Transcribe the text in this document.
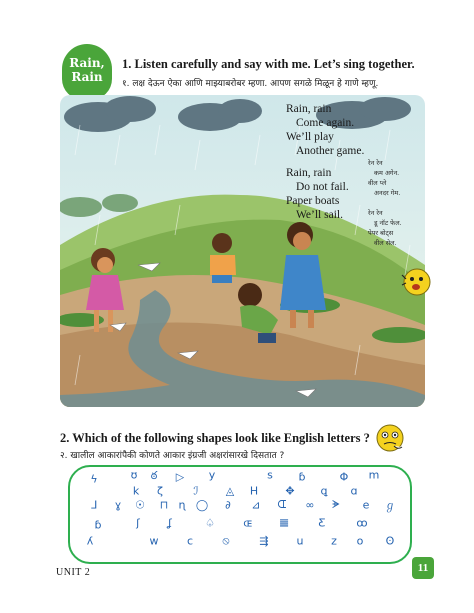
Rain,
Rain
1. Listen carefully and say with me. Let’s sing together.
१. लक्ष देऊन ऐका आणि माझ्याबरोबर म्हणा. आपण सगळे मिळून हे गाणे म्हणू.
Rain, rain
Come again.
We’ll play
Another game.
Rain, rain
Do not fail.
Paper boats
We’ll sail.
रेन रेन
कम अगेन.
वील प्ले
अनदर गेम.
रेन रेन
डू नॉट फेल.
पेपर बोट्स
वील सेल.
2. Which of the following shapes look like English letters ?
२. खालील आकारांपैकी कोणते आकार इंग्रजी अक्षरांसारखे दिसतात ?
ϟ	ʊ ఠ ▷ y	s ɓ	Φ m
k ζ	ℐ ◬ H ✥ ꝗ ɑ
ᒧ ɣ ☉ ⊓ ɳ ◯ ∂ ⊿ ᗭ ∞ ᗘ e ℊ
ɓ	ʃ	ʆ	♤	ɶ 𝌆	Ƹ	ꝏ
ʎ	w	c	⦸	⇶	u	z o ʘ
UNIT 2	11
